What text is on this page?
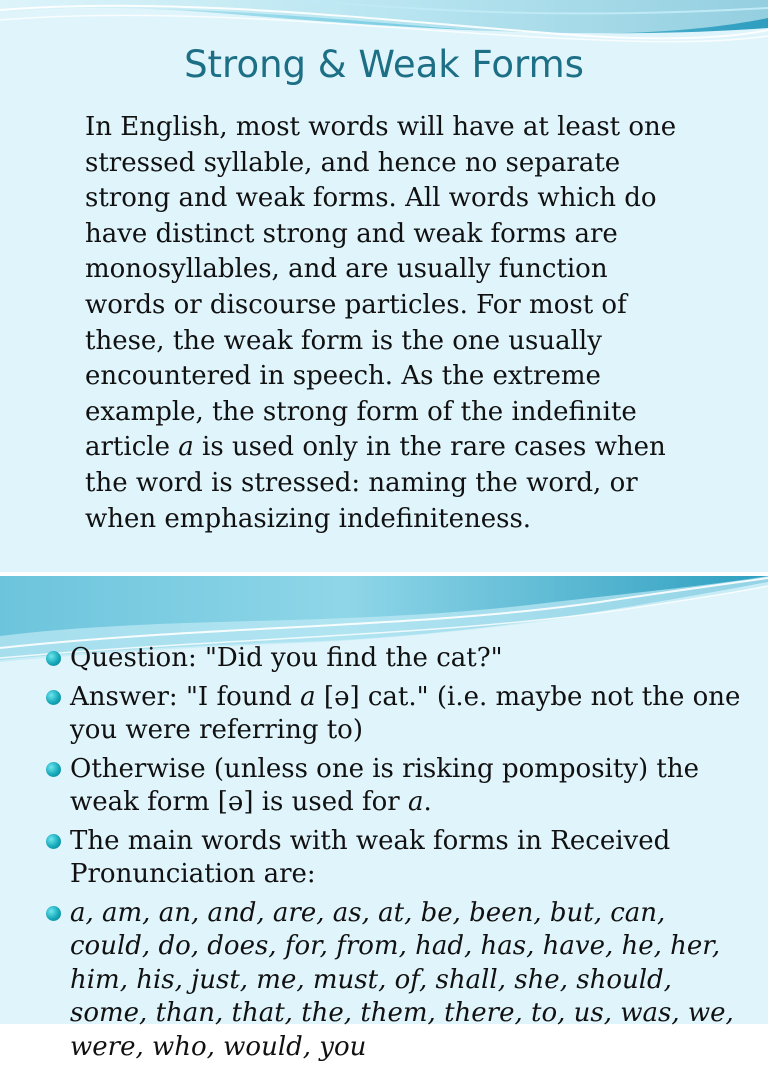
Strong & Weak Forms

In English, most words will have at least one stressed syllable, and hence no separate strong and weak forms. All words which do have distinct strong and weak forms are monosyllables, and are usually function words or discourse particles. For most of these, the weak form is the one usually encountered in speech. As the extreme example, the strong form of the indefinite article a is used only in the rare cases when the word is stressed: naming the word, or when emphasizing indefiniteness.

Question: "Did you find the cat?"
Answer: "I found a [ə] cat." (i.e. maybe not the one you were referring to)
Otherwise (unless one is risking pomposity) the weak form [ə] is used for a.
The main words with weak forms in Received Pronunciation are:
a, am, an, and, are, as, at, be, been, but, can, could, do, does, for, from, had, has, have, he, her, him, his, just, me, must, of, shall, she, should, some, than, that, the, them, there, to, us, was, we, were, who, would, you
